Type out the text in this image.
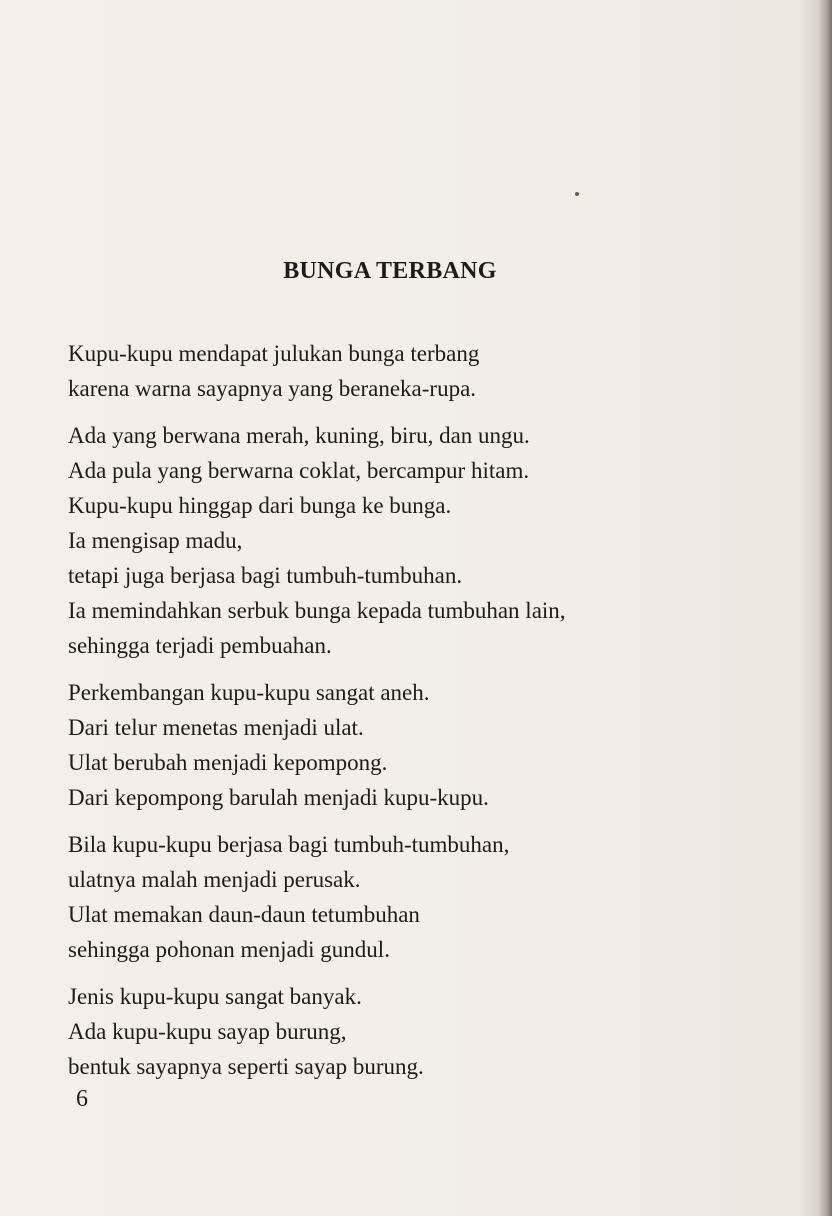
BUNGA TERBANG

Kupu-kupu mendapat julukan bunga terbang

karena warna sayapnya yang beraneka-rupa.

Ada yang berwana merah, kuning, biru, dan ungu.

Ada pula yang berwarna coklat, bercampur hitam.

Kupu-kupu hinggap dari bunga ke bunga.

Ia mengisap madu,

tetapi juga berjasa bagi tumbuh-tumbuhan.

Ia memindahkan serbuk bunga kepada tumbuhan lain,

sehingga terjadi pembuahan.

Perkembangan kupu-kupu sangat aneh.

Dari telur menetas menjadi ulat.

Ulat berubah menjadi kepompong.

Dari kepompong barulah menjadi kupu-kupu.

Bila kupu-kupu berjasa bagi tumbuh-tumbuhan,

ulatnya malah menjadi perusak.

Ulat memakan daun-daun tetumbuhan

sehingga pohonan menjadi gundul.

Jenis kupu-kupu sangat banyak.

Ada kupu-kupu sayap burung,

bentuk sayapnya seperti sayap burung.

6
